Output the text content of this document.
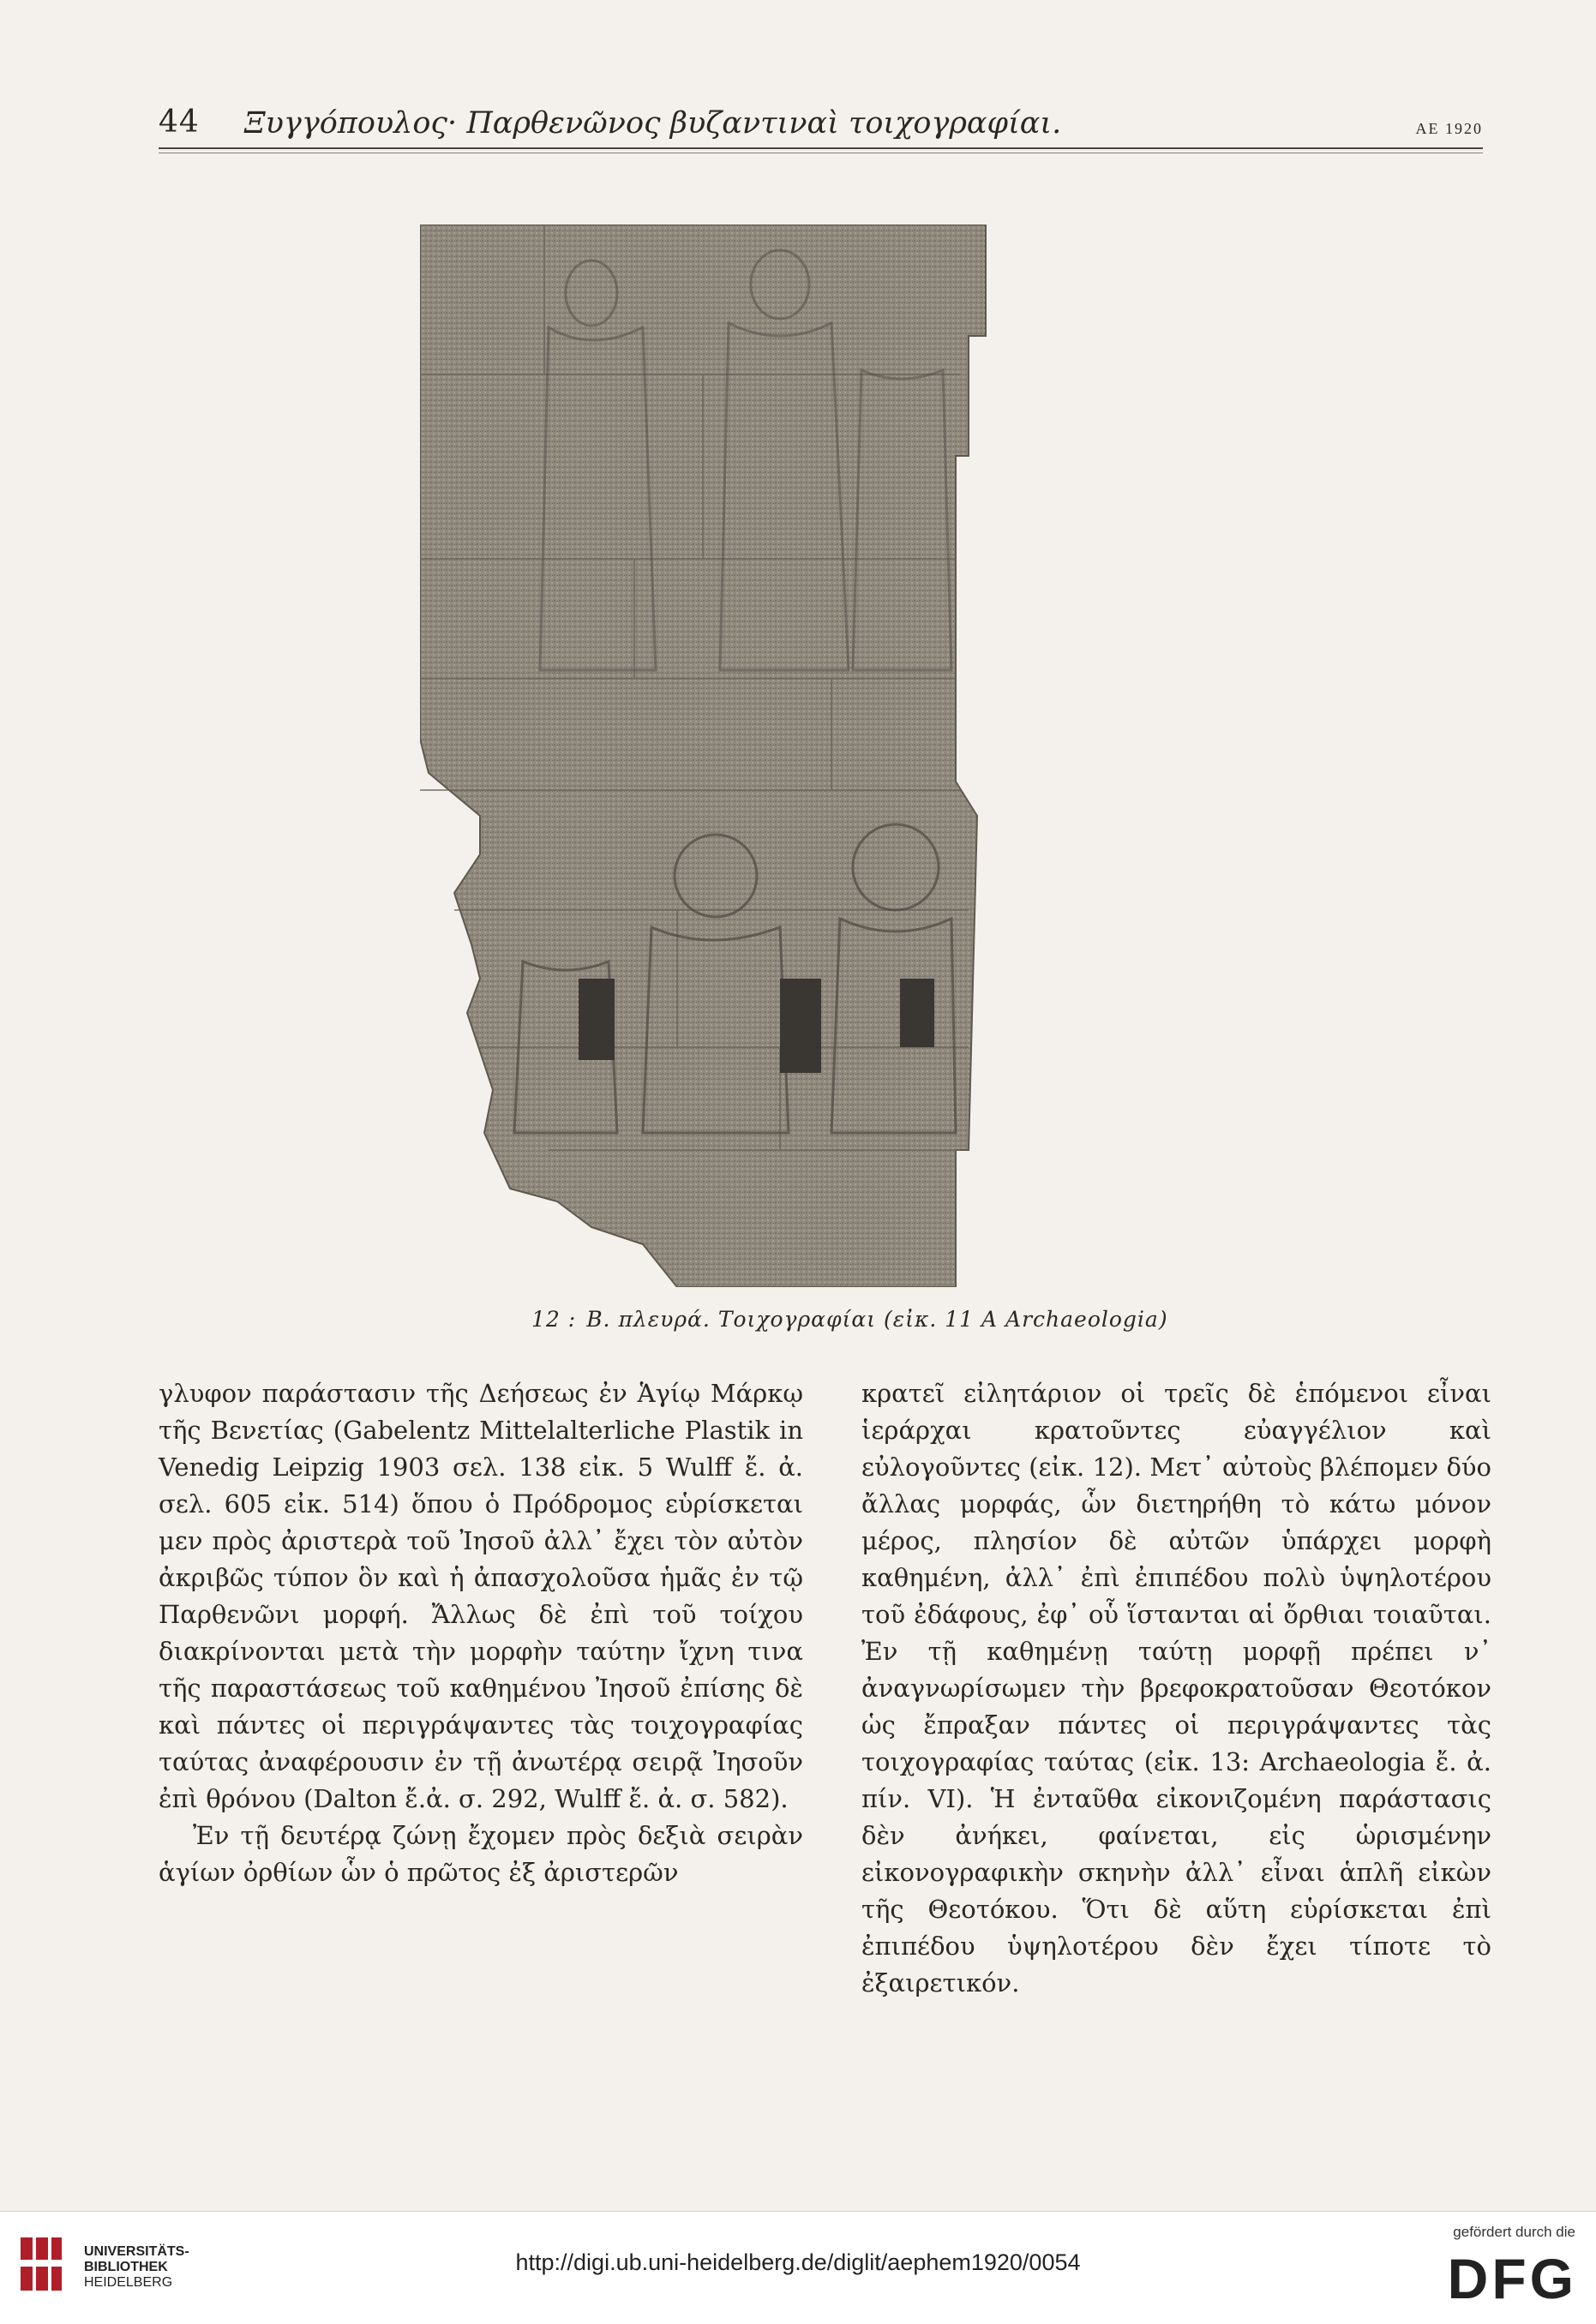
44 Ξυγγόπουλος· Παρθενῶνος βυζαντιναὶ τοιχογραφίαι.	ΑΕ 1920
12 : Β. πλευρά. Τοιχογραφίαι (εἰκ. 11 A Archaeologia)

γλυφον παράστασιν τῆς Δεήσεως ἐν Ἁγίῳ Μάρκῳ τῆς Βενετίας (Gabelentz Mittelalterliche Plastik in Venedig Leipzig 1903 σελ. 138 εἰκ. 5 Wulff ἔ. ἀ. σελ. 605 εἰκ. 514) ὅπου ὁ Πρόδρομος εὑρίσκεται μεν πρὸς ἀριστερὰ τοῦ Ἰησοῦ ἀλλ᾽ ἔχει τὸν αὐτὸν ἀκριβῶς τύπον ὃν καὶ ἡ ἀπασχολοῦσα ἡμᾶς ἐν τῷ Παρθενῶνι μορφή. Ἄλλως δὲ ἐπὶ τοῦ τοίχου διακρίνονται μετὰ τὴν μορφὴν ταύτην ἴχνη τινα τῆς παραστάσεως τοῦ καθημένου Ἰησοῦ ἐπίσης δὲ καὶ πάντες οἱ περιγράψαντες τὰς τοιχογραφίας ταύτας ἀναφέρουσιν ἐν τῇ ἀνωτέρᾳ σειρᾷ Ἰησοῦν ἐπὶ θρόνου (Dalton ἔ.ἀ. σ. 292, Wulff ἔ. ἀ. σ. 582).

Ἐν τῇ δευτέρᾳ ζώνῃ ἔχομεν πρὸς δεξιὰ σειρὰν ἁγίων ὀρθίων ὧν ὁ πρῶτος ἐξ ἀριστερῶν

κρατεῖ εἰλητάριον οἱ τρεῖς δὲ ἑπόμενοι εἶναι ἱεράρχαι κρατοῦντες εὐαγγέλιον καὶ εὐλογοῦντες (εἰκ. 12). Μετ᾽ αὐτοὺς βλέπομεν δύο ἄλλας μορφάς, ὧν διετηρήθη τὸ κάτω μόνον μέρος, πλησίον δὲ αὐτῶν ὑπάρχει μορφὴ καθημένη, ἀλλ᾽ ἐπὶ ἐπιπέδου πολὺ ὑψηλοτέρου τοῦ ἐδάφους, ἐφ᾽ οὗ ἵστανται αἱ ὄρθιαι τοιαῦται. Ἐν τῇ καθημένῃ ταύτῃ μορφῇ πρέπει ν᾽ ἀναγνωρίσωμεν τὴν βρεφοκρατοῦσαν Θεοτόκον ὡς ἔπραξαν πάντες οἱ περιγράψαντες τὰς τοιχογραφίας ταύτας (εἰκ. 13: Archaeologia ἔ. ἀ. πίν. VI). Ἡ ἐνταῦθα εἰκονιζομένη παράστασις δὲν ἀνήκει, φαίνεται, εἰς ὡρισμένην εἰκονογραφικὴν σκηνὴν ἀλλ᾽ εἶναι ἁπλῆ εἰκὼν τῆς Θεοτόκου. Ὅτι δὲ αὕτη εὑρίσκεται ἐπὶ ἐπιπέδου ὑψηλοτέρου δὲν ἔχει τίποτε τὸ ἐξαιρετικόν.

UNIVERSITÄTS-
BIBLIOTHEK
HEIDELBERG
http://digi.ub.uni-heidelberg.de/diglit/aephem1920/0054
gefördert durch die
DFG
